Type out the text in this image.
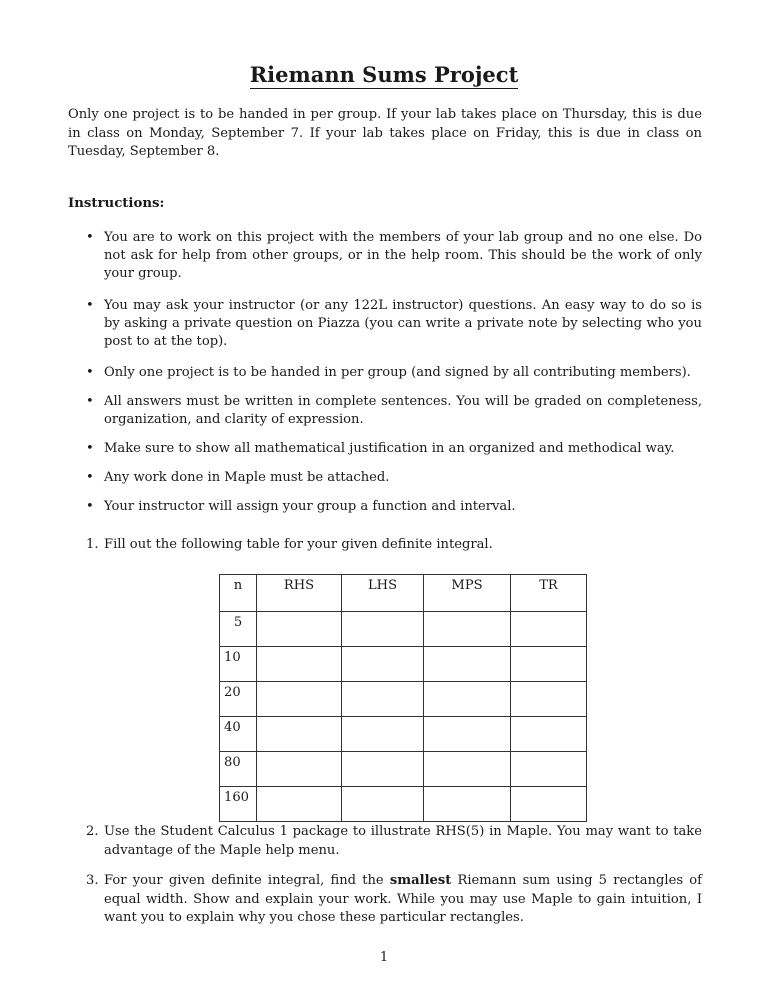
Riemann Sums Project

Only one project is to be handed in per group. If your lab takes place on Thursday, this is due in class on Monday, September 7. If your lab takes place on Friday, this is due in class on Tuesday, September 8.

Instructions:

• You are to work on this project with the members of your lab group and no one else. Do not ask for help from other groups, or in the help room. This should be the work of only your group.
• You may ask your instructor (or any 122L instructor) questions. An easy way to do so is by asking a private question on Piazza (you can write a private note by selecting who you post to at the top).
• Only one project is to be handed in per group (and signed by all contributing members).
• All answers must be written in complete sentences. You will be graded on completeness, organization, and clarity of expression.
• Make sure to show all mathematical justification in an organized and methodical way.
• Any work done in Maple must be attached.
• Your instructor will assign your group a function and interval.
1. Fill out the following table for your given definite integral.
n	RHS	LHS	MPS	TR
5				
10				
20				
40				
80				
160				
2. Use the Student Calculus 1 package to illustrate RHS(5) in Maple. You may want to take advantage of the Maple help menu.
3. For your given definite integral, find the smallest Riemann sum using 5 rectangles of equal width. Show and explain your work. While you may use Maple to gain intuition, I want you to explain why you chose these particular rectangles.
1
